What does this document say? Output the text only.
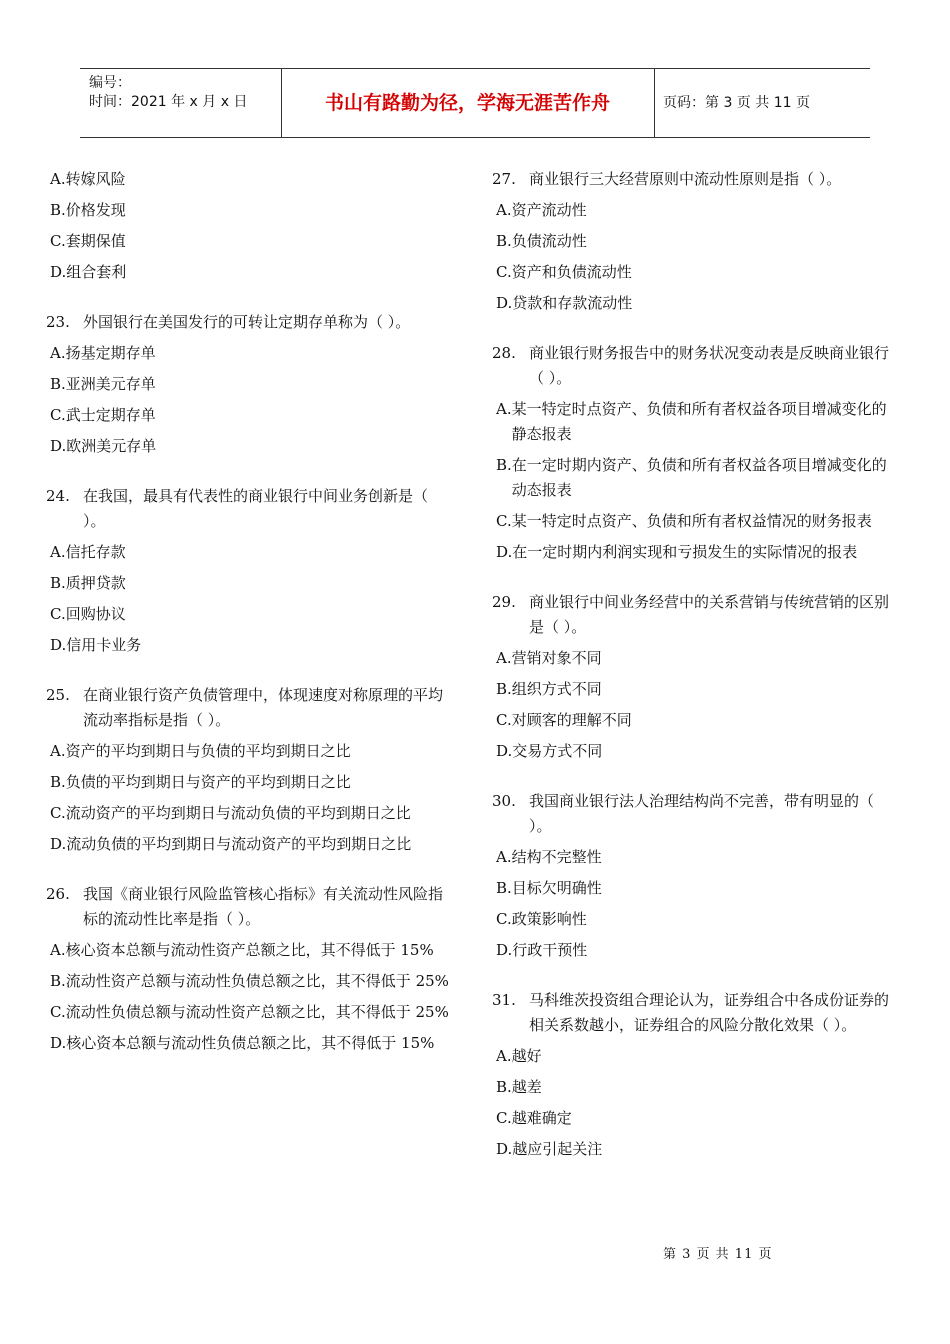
编号：
时间：2021 年 x 月 x 日	书山有路勤为径，学海无涯苦作舟	页码：第 3 页 共 11 页
A. 转嫁风险
B. 价格发现
C. 套期保值
D. 组合套利
23. 外国银行在美国发行的可转让定期存单称为（ ）。
A. 扬基定期存单
B. 亚洲美元存单
C. 武士定期存单
D. 欧洲美元存单
24. 在我国，最具有代表性的商业银行中间业务创新是（ ）。
A. 信托存款
B. 质押贷款
C. 回购协议
D. 信用卡业务
25. 在商业银行资产负债管理中，体现速度对称原理的平均流动率指标是指（ ）。
A. 资产的平均到期日与负债的平均到期日之比
B. 负债的平均到期日与资产的平均到期日之比
C. 流动资产的平均到期日与流动负债的平均到期日之比
D. 流动负债的平均到期日与流动资产的平均到期日之比
26. 我国《商业银行风险监管核心指标》有关流动性风险指标的流动性比率是指（ ）。
A. 核心资本总额与流动性资产总额之比，其不得低于 15%
B. 流动性资产总额与流动性负债总额之比，其不得低于 25%
C. 流动性负债总额与流动性资产总额之比，其不得低于 25%
D. 核心资本总额与流动性负债总额之比，其不得低于 15%
27. 商业银行三大经营原则中流动性原则是指（ ）。
A. 资产流动性
B. 负债流动性
C. 资产和负债流动性
D. 贷款和存款流动性
28. 商业银行财务报告中的财务状况变动表是反映商业银行（ ）。
A. 某一特定时点资产、负债和所有者权益各项目增减变化的静态报表
B. 在一定时期内资产、负债和所有者权益各项目增减变化的动态报表
C. 某一特定时点资产、负债和所有者权益情况的财务报表
D. 在一定时期内利润实现和亏损发生的实际情况的报表
29. 商业银行中间业务经营中的关系营销与传统营销的区别是（ ）。
A. 营销对象不同
B. 组织方式不同
C. 对顾客的理解不同
D. 交易方式不同
30. 我国商业银行法人治理结构尚不完善，带有明显的（ ）。
A. 结构不完整性
B. 目标欠明确性
C. 政策影响性
D. 行政干预性
31. 马科维茨投资组合理论认为，证券组合中各成份证券的相关系数越小，证券组合的风险分散化效果（ ）。
A. 越好
B. 越差
C. 越难确定
D. 越应引起关注
第 3 页 共 11 页
